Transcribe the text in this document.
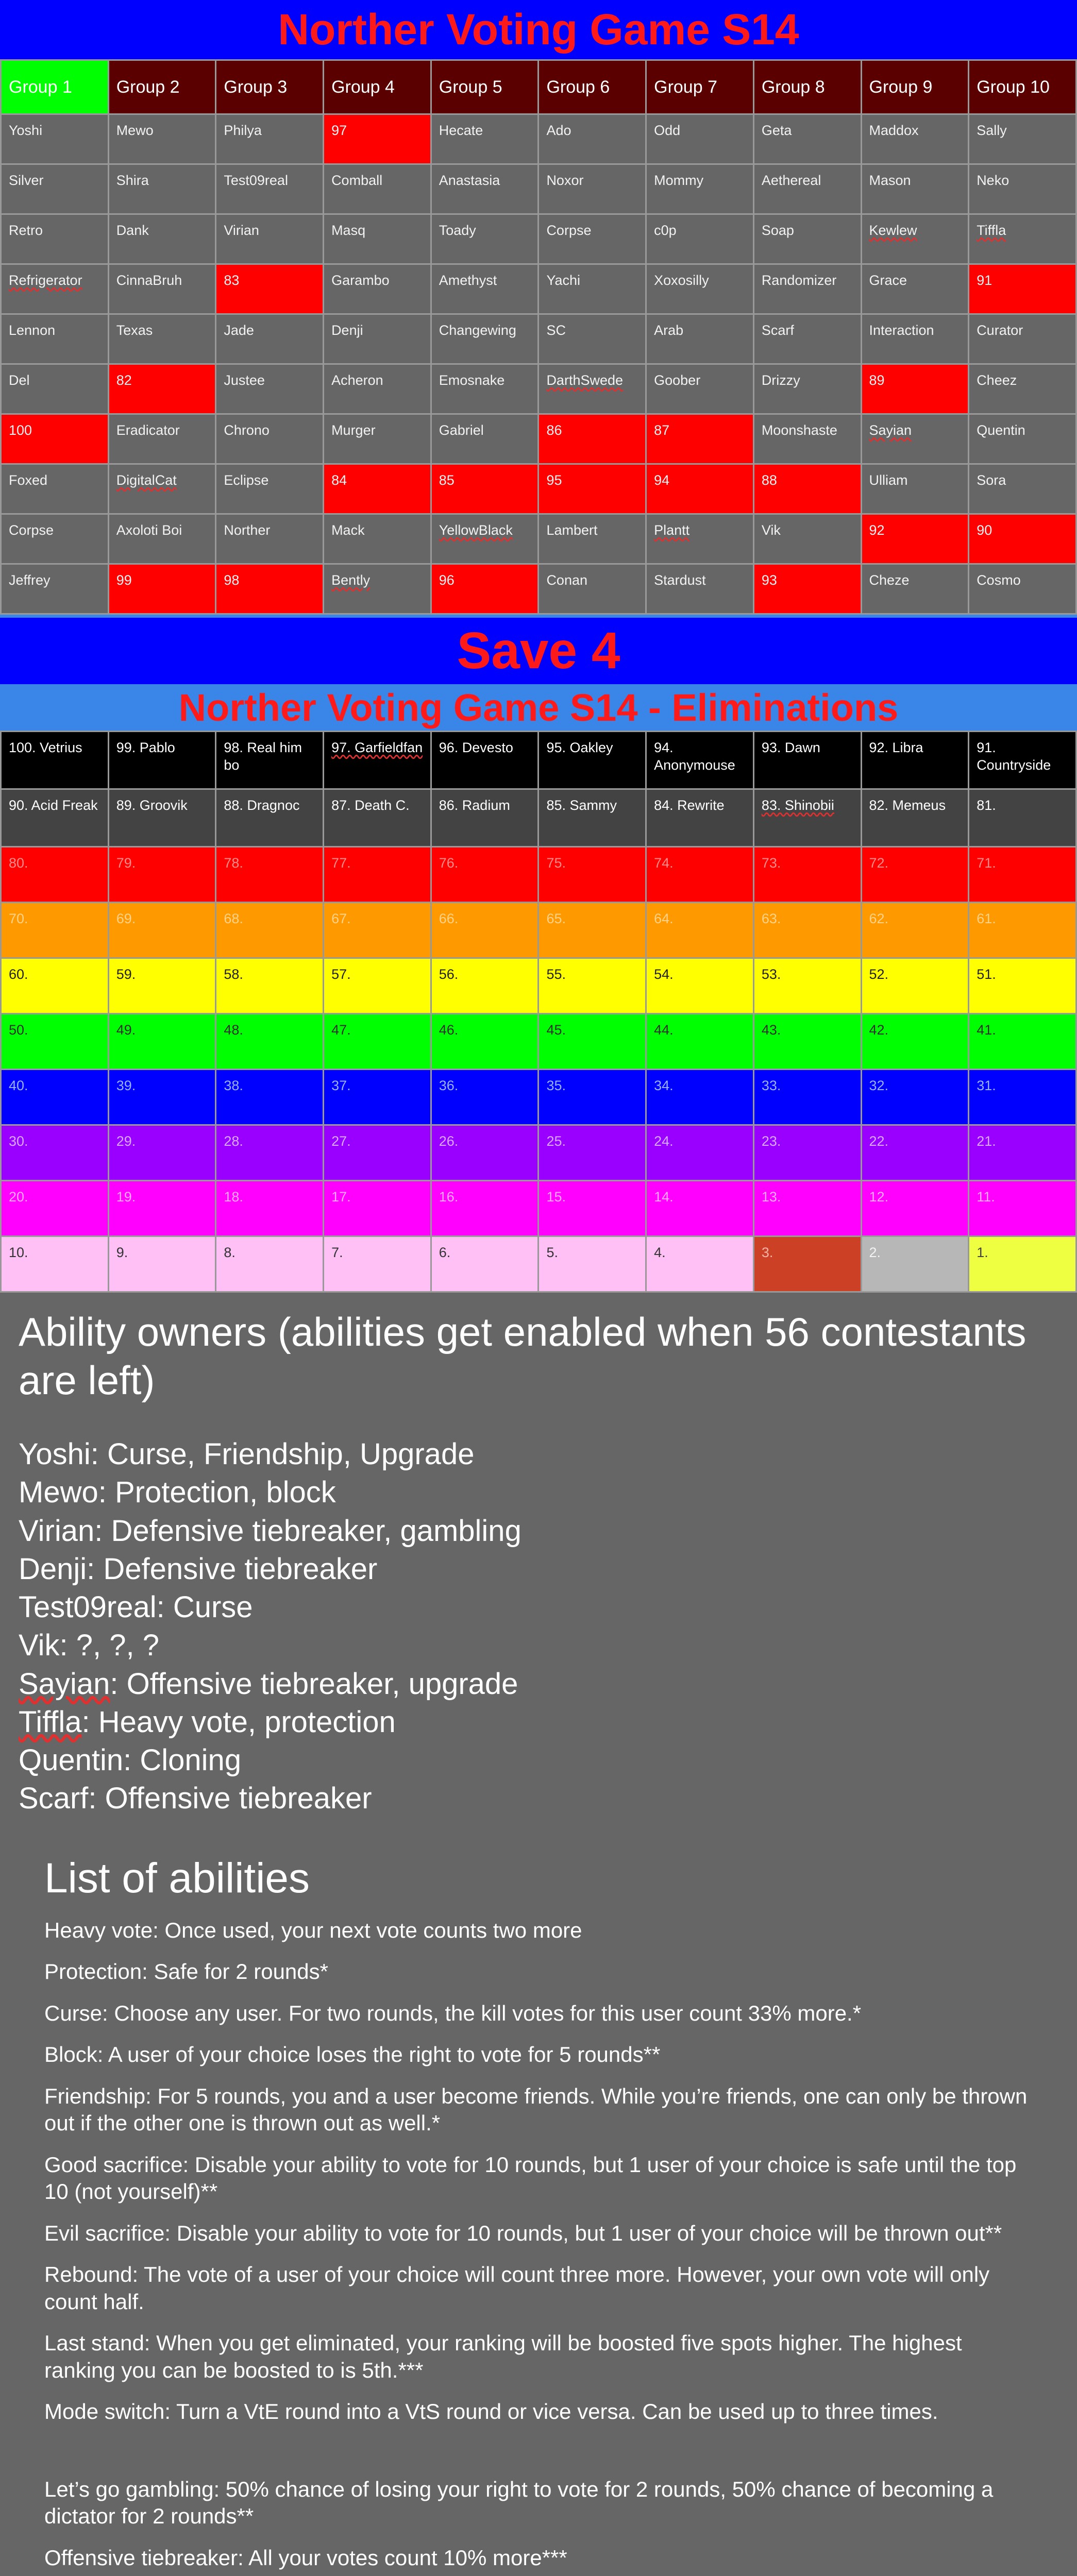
Norther Voting Game S14
Group 1	Group 2	Group 3	Group 4	Group 5	Group 6	Group 7	Group 8	Group 9	Group 10
Yoshi	Mewo	Philya	97	Hecate	Ado	Odd	Geta	Maddox	Sally
Silver	Shira	Test09real	Comball	Anastasia	Noxor	Mommy	Aethereal	Mason	Neko
Retro	Dank	Virian	Masq	Toady	Corpse	c0p	Soap	Kewlew	Tiffla
Refrigerator	CinnaBruh	83	Garambo	Amethyst	Yachi	Xoxosilly	Randomizer	Grace	91
Lennon	Texas	Jade	Denji	Changewing	SC	Arab	Scarf	Interaction	Curator
Del	82	Justee	Acheron	Emosnake	DarthSwede	Goober	Drizzy	89	Cheez
100	Eradicator	Chrono	Murger	Gabriel	86	87	Moonshaste	Sayian	Quentin
Foxed	DigitalCat	Eclipse	84	85	95	94	88	Ulliam	Sora
Corpse	Axoloti Boi	Norther	Mack	YellowBlack	Lambert	Plantt	Vik	92	90
Jeffrey	99	98	Bently	96	Conan	Stardust	93	Cheze	Cosmo
Save 4
Norther Voting Game S14 - Eliminations
100. Vetrius	99. Pablo	98. Real him bo	97. Garfieldfan	96. Devesto	95. Oakley	94. Anonymouse	93. Dawn	92. Libra	91. Countryside
90. Acid Freak	89. Groovik	88. Dragnoc	87. Death C.	86. Radium	85. Sammy	84. Rewrite	83. Shinobii	82. Memeus	81.
80.	79.	78.	77.	76.	75.	74.	73.	72.	71.
70.	69.	68.	67.	66.	65.	64.	63.	62.	61.
60.	59.	58.	57.	56.	55.	54.	53.	52.	51.
50.	49.	48.	47.	46.	45.	44.	43.	42.	41.
40.	39.	38.	37.	36.	35.	34.	33.	32.	31.
30.	29.	28.	27.	26.	25.	24.	23.	22.	21.
20.	19.	18.	17.	16.	15.	14.	13.	12.	11.
10.	9.	8.	7.	6.	5.	4.	3.	2.	1.
Ability owners (abilities get enabled when 56 contestants are left)
Yoshi: Curse, Friendship, Upgrade
Mewo: Protection, block
Virian: Defensive tiebreaker, gambling
Denji: Defensive tiebreaker
Test09real: Curse
Vik: ?, ?, ?
Sayian: Offensive tiebreaker, upgrade
Tiffla: Heavy vote, protection
Quentin: Cloning
Scarf: Offensive tiebreaker
List of abilities

Heavy vote: Once used, your next vote counts two more

Protection: Safe for 2 rounds*

Curse: Choose any user. For two rounds, the kill votes for this user count 33% more.*

Block: A user of your choice loses the right to vote for 5 rounds**

Friendship: For 5 rounds, you and a user become friends. While you’re friends, one can only be thrown out if the other one is thrown out as well.*

Good sacrifice: Disable your ability to vote for 10 rounds, but 1 user of your choice is safe until the top 10 (not yourself)**

Evil sacrifice: Disable your ability to vote for 10 rounds, but 1 user of your choice will be thrown out**

Rebound: The vote of a user of your choice will count three more. However, your own vote will only count half.

Last stand: When you get eliminated, your ranking will be boosted five spots higher. The highest ranking you can be boosted to is 5th.***

Mode switch: Turn a VtE round into a VtS round or vice versa. Can be used up to three times.

Let’s go gambling: 50% chance of losing your right to vote for 2 rounds, 50% chance of becoming a dictator for 2 rounds**

Offensive tiebreaker: All your votes count 10% more***
